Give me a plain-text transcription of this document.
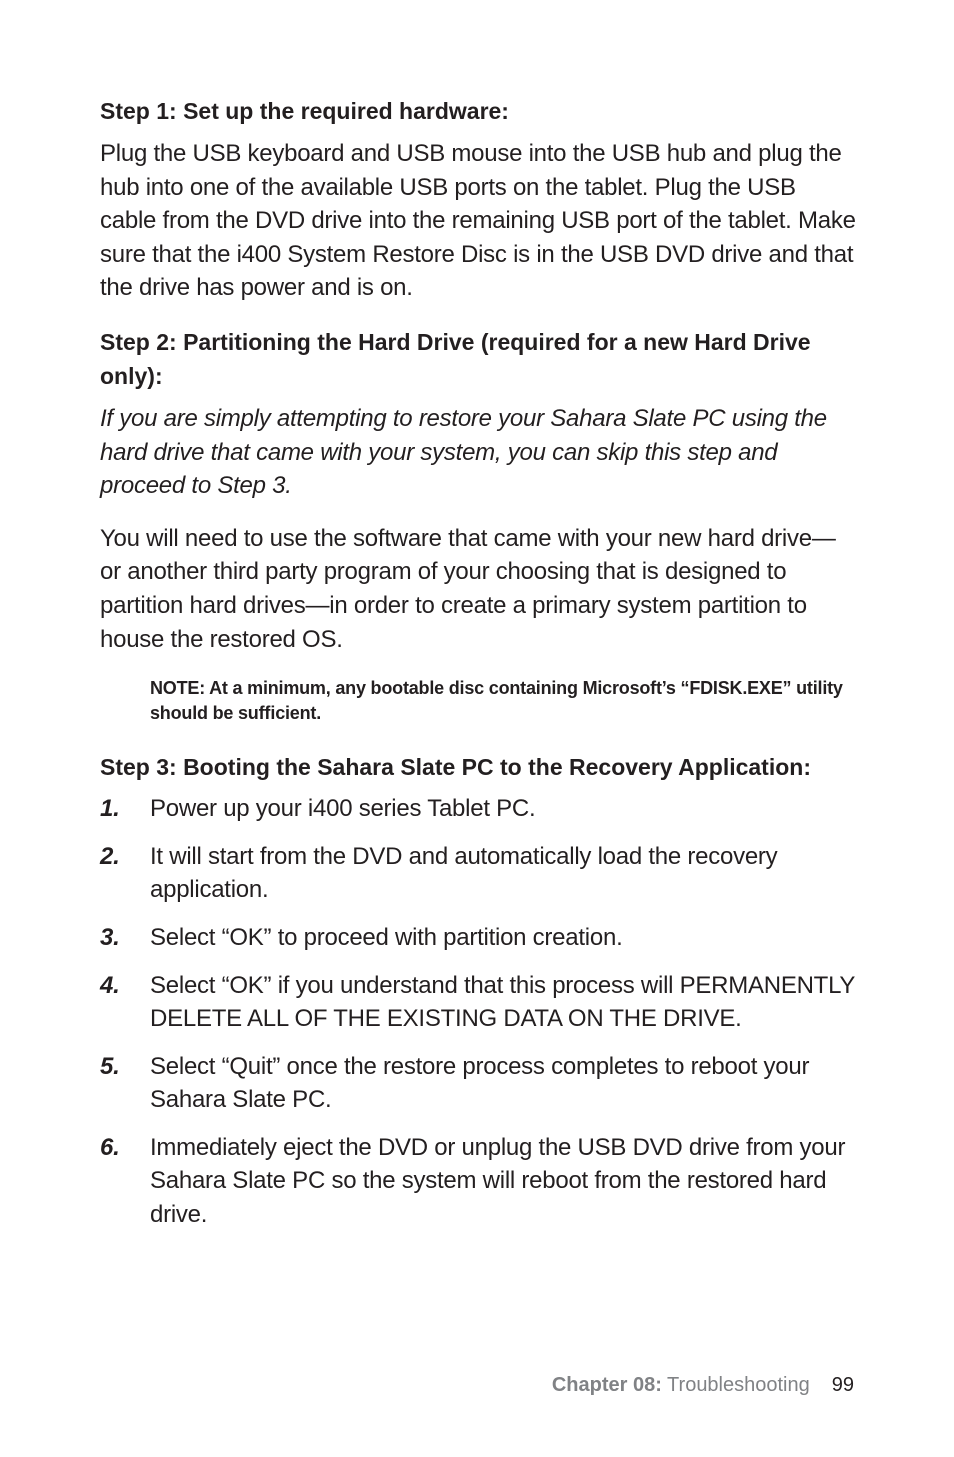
Step 1: Set up the required hardware:

Plug the USB keyboard and USB mouse into the USB hub and plug the hub into one of the available USB ports on the tablet. Plug the USB cable from the DVD drive into the remaining USB port of the tablet. Make sure that the i400 System Restore Disc is in the USB DVD drive and that the drive has power and is on.

Step 2: Partitioning the Hard Drive (required for a new Hard Drive only):

If you are simply attempting to restore your Sahara Slate PC using the hard drive that came with your system, you can skip this step and proceed to Step 3.

You will need to use the software that came with your new hard drive—or another third party program of your choosing that is designed to partition hard drives—in order to create a primary system partition to house the restored OS.

NOTE: At a minimum, any bootable disc containing Microsoft’s “FDISK.EXE” utility should be sufﬁcient.

Step 3: Booting the Sahara Slate PC to the Recovery Application:
1. Power up your i400 series Tablet PC.
2. It will start from the DVD and automatically load the recovery application.
3. Select “OK” to proceed with partition creation.
4. Select “OK” if you understand that this process will PERMANENTLY DELETE ALL OF THE EXISTING DATA ON THE DRIVE.
5. Select “Quit” once the restore process completes to reboot your Sahara Slate PC.
6. Immediately eject the DVD or unplug the USB DVD drive from your Sahara Slate PC so the system will reboot from the restored hard drive.
Chapter 08: Troubleshooting 99
